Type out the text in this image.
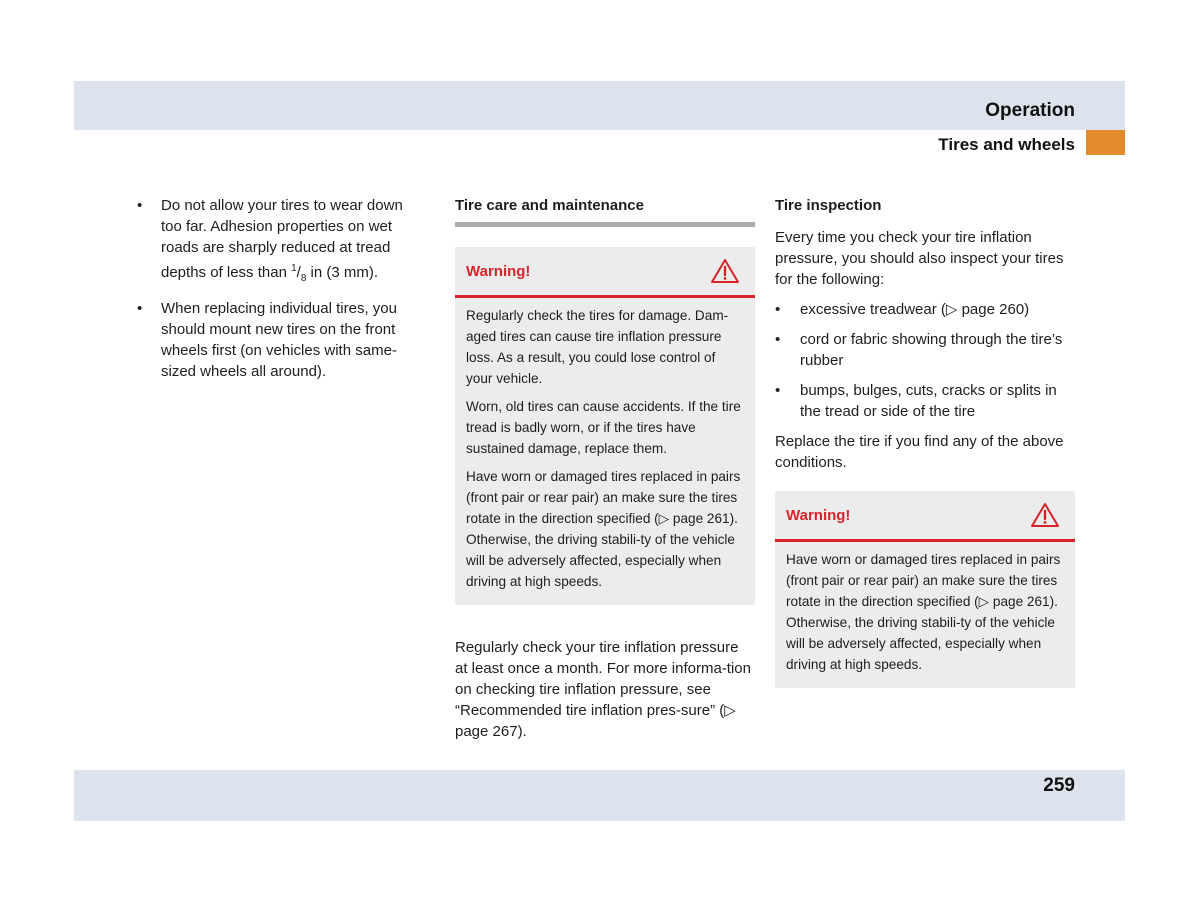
Operation
Tires and wheels
259
• Do not allow your tires to wear down too far. Adhesion properties on wet roads are sharply reduced at tread depths of less than $^1/_8$ in (3 mm).
• When replacing individual tires, you should mount new tires on the front wheels first (on vehicles with same-sized wheels all around).
Tire care and maintenance
Warning!

Regularly check the tires for damage. Dam-aged tires can cause tire inflation pressure loss. As a result, you could lose control of your vehicle.

Worn, old tires can cause accidents. If the tire tread is badly worn, or if the tires have sustained damage, replace them.

Have worn or damaged tires replaced in pairs (front pair or rear pair) an make sure the tires rotate in the direction specified (▷ page 261). Otherwise, the driving stabili-ty of the vehicle will be adversely affected, especially when driving at high speeds.

Regularly check your tire inflation pressure at least once a month. For more informa-tion on checking tire inflation pressure, see “Recommended tire inflation pres-sure” (▷ page 267).

Tire inspection

Every time you check your tire inflation pressure, you should also inspect your tires for the following:

• excessive treadwear (▷ page 260)
• cord or fabric showing through the tire’s rubber
• bumps, bulges, cuts, cracks or splits in the tread or side of the tire

Replace the tire if you find any of the above conditions.

Warning!

Have worn or damaged tires replaced in pairs (front pair or rear pair) an make sure the tires rotate in the direction specified (▷ page 261). Otherwise, the driving stabili-ty of the vehicle will be adversely affected, especially when driving at high speeds.
